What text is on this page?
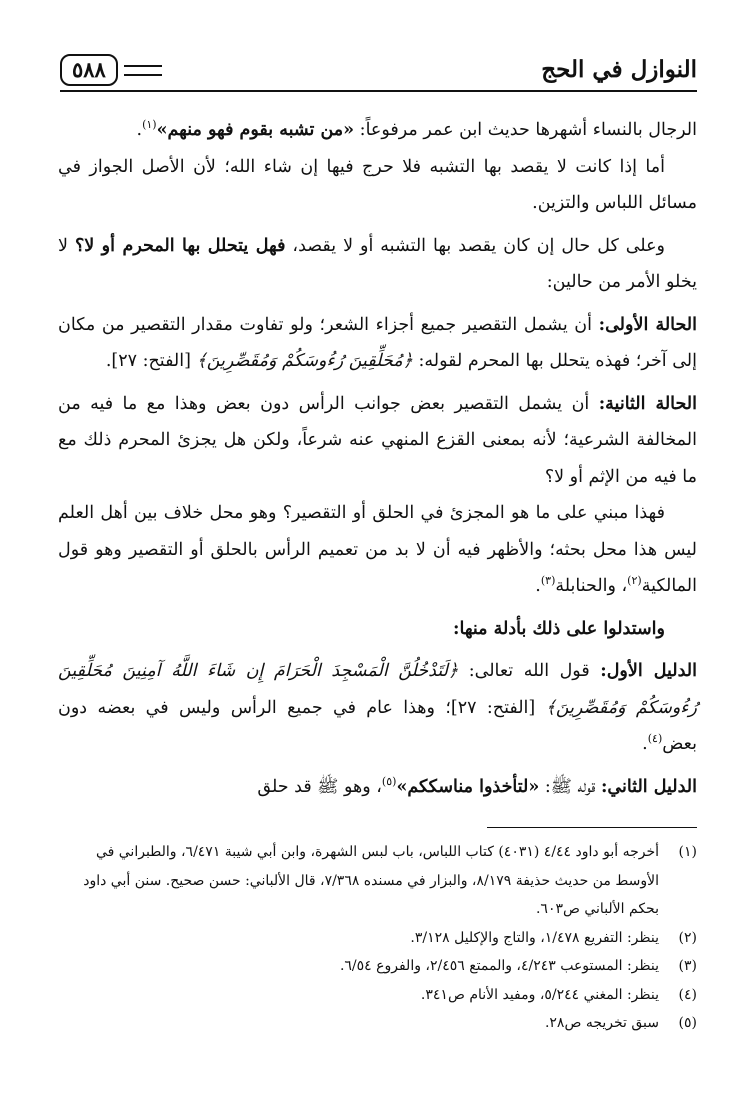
النوازل في الحج
٥٨٨

الرجال بالنساء أشهرها حديث ابن عمر مرفوعاً: «من تشبه بقوم فهو منهم»$^{(١)}$.

أما إذا كانت لا يقصد بها التشبه فلا حرج فيها إن شاء الله؛ لأن الأصل الجواز في مسائل اللباس والتزين.

وعلى كل حال إن كان يقصد بها التشبه أو لا يقصد، فهل يتحلل بها المحرم أو لا؟ لا يخلو الأمر من حالين:

الحالة الأولى: أن يشمل التقصير جميع أجزاء الشعر؛ ولو تفاوت مقدار التقصير من مكان إلى آخر؛ فهذه يتحلل بها المحرم لقوله: ﴿مُحَلِّقِينَ رُءُوسَكُمْ وَمُقَصِّرِينَ﴾ [الفتح: ٢٧].

الحالة الثانية: أن يشمل التقصير بعض جوانب الرأس دون بعض وهذا مع ما فيه من المخالفة الشرعية؛ لأنه بمعنى القزع المنهي عنه شرعاً، ولكن هل يجزئ المحرم ذلك مع ما فيه من الإثم أو لا؟

فهذا مبني على ما هو المجزئ في الحلق أو التقصير؟ وهو محل خلاف بين أهل العلم ليس هذا محل بحثه؛ والأظهر فيه أن لا بد من تعميم الرأس بالحلق أو التقصير وهو قول المالكية$^{(٢)}$، والحنابلة$^{(٣)}$.

واستدلوا على ذلك بأدلة منها:

الدليل الأول: قول الله تعالى: ﴿لَتَدْخُلُنَّ الْمَسْجِدَ الْحَرَامَ إِن شَاءَ اللَّهُ آمِنِينَ مُحَلِّقِينَ رُءُوسَكُمْ وَمُقَصِّرِينَ﴾ [الفتح: ٢٧]؛ وهذا عام في جميع الرأس وليس في بعضه دون بعض$^{(٤)}$.

الدليل الثاني: قوله ﷺ: «لتأخذوا مناسككم»$^{(٥)}$، وهو ﷺ قد حلق

(١)
أخرجه أبو داود ٤/٤٤ (٤٠٣١) كتاب اللباس، باب لبس الشهرة، وابن أبي شيبة ٦/٤٧١، والطبراني في الأوسط من حديث حذيفة ٨/١٧٩، والبزار في مسنده ٧/٣٦٨، قال الألباني: حسن صحيح. سنن أبي داود بحكم الألباني ص٦٠٣.
(٢)
ينظر: التفريع ١/٤٧٨، والتاج والإكليل ٣/١٢٨.
(٣)
ينظر: المستوعب ٤/٢٤٣، والممتع ٢/٤٥٦، والفروع ٦/٥٤.
(٤)
ينظر: المغني ٥/٢٤٤، ومفيد الأنام ص٣٤١.
(٥)
سبق تخريجه ص٢٨.
